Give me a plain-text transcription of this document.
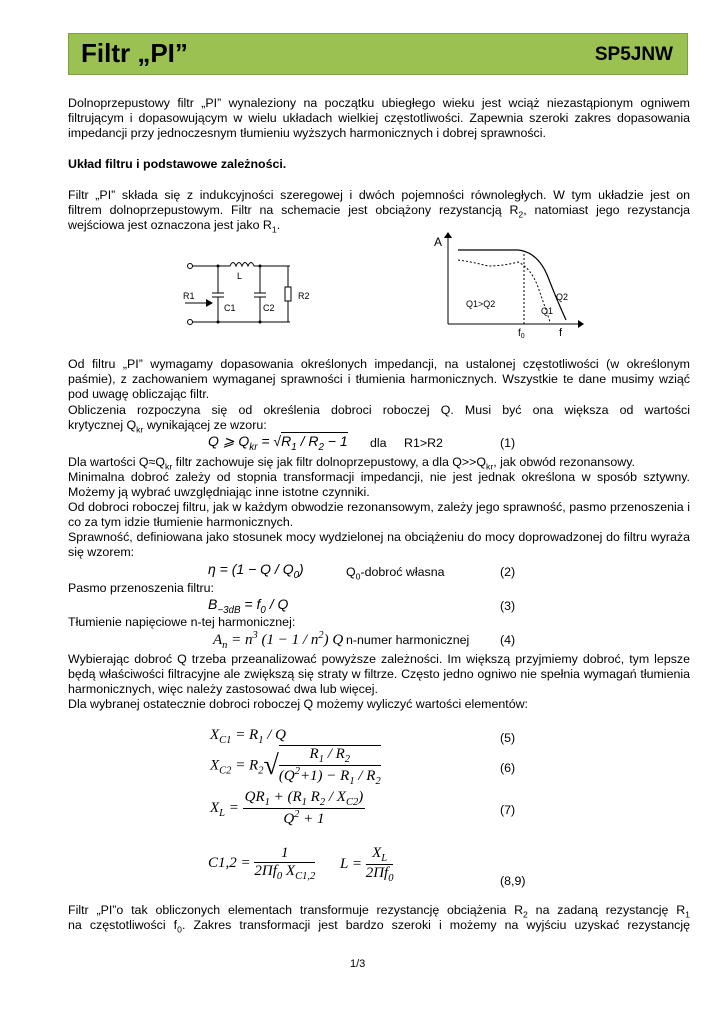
Filtr „PI”	SP5JNW
Dolnoprzepustowy filtr „PI” wynaleziony na początku ubiegłego wieku jest wciąż niezastąpionym ogniwem filtrującym i dopasowującym w wielu układach wielkiej częstotliwości. Zapewnia szeroki zakres dopasowania impedancji przy jednoczesnym tłumieniu wyższych harmonicznych i dobrej sprawności.
Układ filtru i podstawowe zależności.
Filtr „PI” składa się z indukcyjności szeregowej i dwóch pojemności równoległych. W tym układzie jest on
filtrem dolnoprzepustowym. Filtr na schemacie jest obciążony rezystancją $R_2$, natomiast jego rezystancja
wejściowa jest oznaczona jest jako $R_1$.
L
R1
C1	C2
R2
A
Q1>Q2
Q2
Q1
$f_0$	f
Od filtru „PI” wymagamy dopasowania określonych impedancji, na ustalonej częstotliwości (w określonym paśmie), z zachowaniem wymaganej sprawności i tłumienia harmonicznych. Wszystkie te dane musimy wziąć pod uwagę obliczając filtr.
Obliczenia rozpoczyna się od określenia dobroci roboczej Q. Musi być ona większa od wartości
krytycznej $Q_{kr}$ wynikającej ze wzoru:
Q ⩾ $Q_{kr} = √R_1 / R_2 - 1$ dla R1>R2	(1)
Dla wartości $Q\approx Q_{kr}$ filtr zachowuje się jak filtr dolnoprzepustowy, a dla $Q>>Q_{kr}$, jak obwód rezonansowy.
Minimalna dobroć zależy od stopnia transformacji impedancji, nie jest jednak określona w sposób sztywny. Możemy ją wybrać uwzględniając inne istotne czynniki.
Od dobroci roboczej filtru, jak w każdym obwodzie rezonansowym, zależy jego sprawność, pasmo przenoszenia i co za tym idzie tłumienie harmonicznych.
Sprawność, definiowana jako stosunek mocy wydzielonej na obciążeniu do mocy doprowadzonej do filtru wyraża się wzorem:
$\eta = (1 - Q / Q_0)$	$Q_0$-dobroć własna	(2)
Pasmo przenoszenia filtru:
$B_{-3dB} = f_0 / Q$	(3)
Tłumienie napięciowe n-tej harmonicznej:
$A_n = n^3$ $(1 - 1 / n^2)$ Q n-numer harmonicznej (4)
Wybierając dobroć Q trzeba przeanalizować powyższe zależności. Im większą przyjmiemy dobroć, tym lepsze będą właściwości filtracyjne ale zwiększą się straty w filtrze. Często jedno ogniwo nie spełnia wymagań tłumienia harmonicznych, więc należy zastosować dwa lub więcej.
Dla wybranej ostatecznie dobroci roboczej Q możemy wyliczyć wartości elementów:
$X_{C1} = R_1 / Q$	(5)
$X_{C2} = R_2√ \frac{R_1 / R_2}{(Q^2+1) - R_1 / R_2}$	(6)
$X_L = \frac{QR_1 + (R_1 R_2 / X_{C2})}{Q^2 + 1}$	(7)
$C1,2 = \frac{1}{2\Pi f_0 X_{C1,2}}$ $L = \frac{X_L}{2\Pi f_0}$	(8,9)
Filtr „PI”o tak obliczonych elementach transformuje rezystancję obciążenia $R_2$ na zadaną rezystancję $R_1$
na częstotliwości $f_0$. Zakres transformacji jest bardzo szeroki i możemy na wyjściu uzyskać rezystancję
1/3
